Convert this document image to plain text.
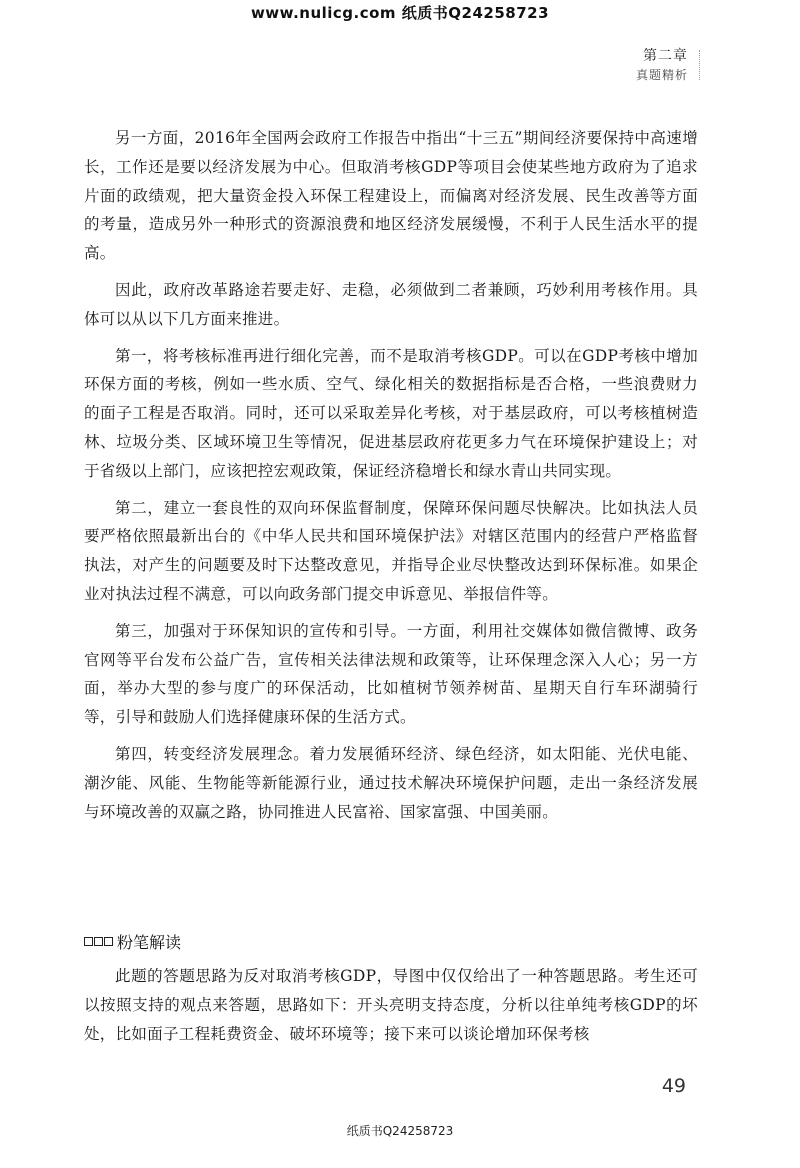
www.nulicg.com 纸质书Q24258723
第二章
真题精析

另一方面，2016年全国两会政府工作报告中指出“十三五”期间经济要保持中高速增长，工作还是要以经济发展为中心。但取消考核GDP等项目会使某些地方政府为了追求片面的政绩观，把大量资金投入环保工程建设上，而偏离对经济发展、民生改善等方面的考量，造成另外一种形式的资源浪费和地区经济发展缓慢，不利于人民生活水平的提高。

因此，政府改革路途若要走好、走稳，必须做到二者兼顾，巧妙利用考核作用。具体可以从以下几方面来推进。

第一，将考核标准再进行细化完善，而不是取消考核GDP。可以在GDP考核中增加环保方面的考核，例如一些水质、空气、绿化相关的数据指标是否合格，一些浪费财力的面子工程是否取消。同时，还可以采取差异化考核，对于基层政府，可以考核植树造林、垃圾分类、区域环境卫生等情况，促进基层政府花更多力气在环境保护建设上；对于省级以上部门，应该把控宏观政策，保证经济稳增长和绿水青山共同实现。

第二，建立一套良性的双向环保监督制度，保障环保问题尽快解决。比如执法人员要严格依照最新出台的《中华人民共和国环境保护法》对辖区范围内的经营户严格监督执法，对产生的问题要及时下达整改意见，并指导企业尽快整改达到环保标准。如果企业对执法过程不满意，可以向政务部门提交申诉意见、举报信件等。

第三，加强对于环保知识的宣传和引导。一方面，利用社交媒体如微信微博、政务官网等平台发布公益广告，宣传相关法律法规和政策等，让环保理念深入人心；另一方面，举办大型的参与度广的环保活动，比如植树节领养树苗、星期天自行车环湖骑行等，引导和鼓励人们选择健康环保的生活方式。

第四，转变经济发展理念。着力发展循环经济、绿色经济，如太阳能、光伏电能、潮汐能、风能、生物能等新能源行业，通过技术解决环境保护问题，走出一条经济发展与环境改善的双赢之路，协同推进人民富裕、国家富强、中国美丽。

粉笔解读

此题的答题思路为反对取消考核GDP，导图中仅仅给出了一种答题思路。考生还可以按照支持的观点来答题，思路如下：开头亮明支持态度，分析以往单纯考核GDP的坏处，比如面子工程耗费资金、破坏环境等；接下来可以谈论增加环保考核

49
纸质书Q24258723
